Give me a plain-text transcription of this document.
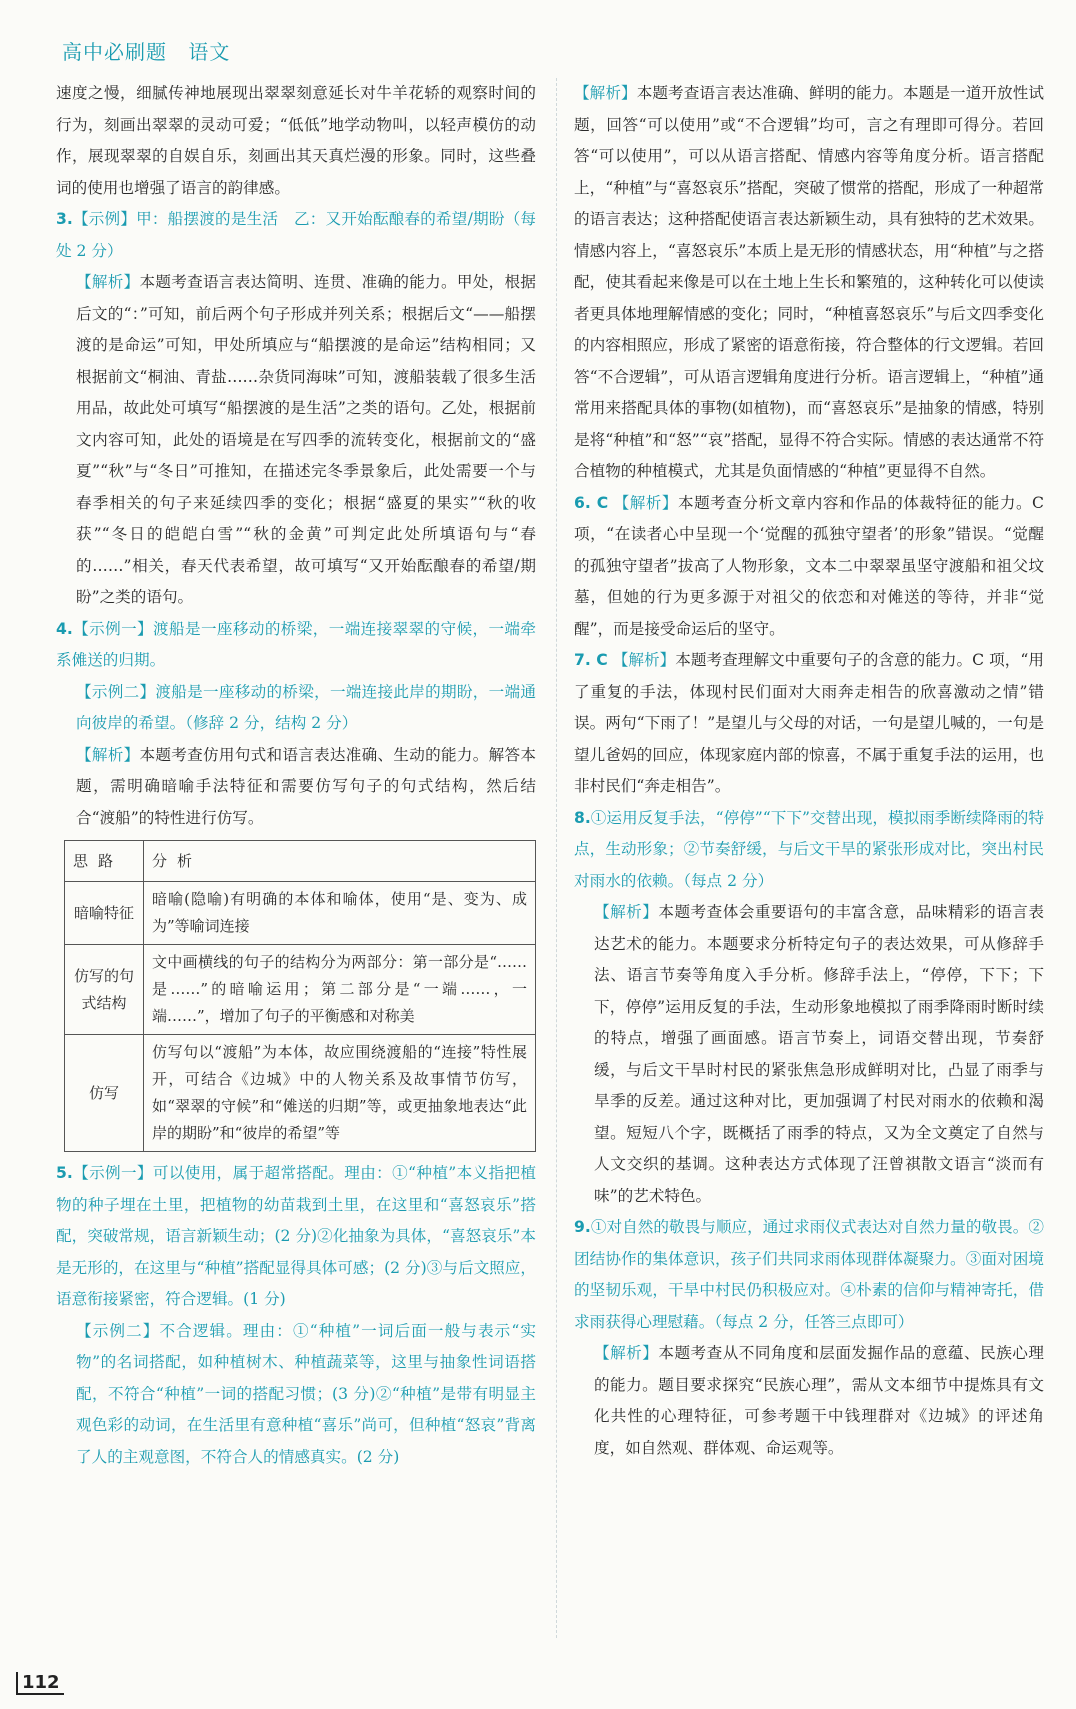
高中必刷题 语文

速度之慢，细腻传神地展现出翠翠刻意延长对牛羊花轿的观察时间的行为，刻画出翠翠的灵动可爱；“低低”地学动物叫，以轻声模仿的动作，展现翠翠的自娱自乐，刻画出其天真烂漫的形象。同时，这些叠词的使用也增强了语言的韵律感。

3.【示例】甲：船摆渡的是生活　乙：又开始酝酿春的希望/期盼（每处 2 分）

【解析】本题考查语言表达简明、连贯、准确的能力。甲处，根据后文的“：”可知，前后两个句子形成并列关系；根据后文“——船摆渡的是命运”可知，甲处所填应与“船摆渡的是命运”结构相同；又根据前文“桐油、青盐……杂货同海味”可知，渡船装载了很多生活用品，故此处可填写“船摆渡的是生活”之类的语句。乙处，根据前文内容可知，此处的语境是在写四季的流转变化，根据前文的“盛夏”“秋”与“冬日”可推知，在描述完冬季景象后，此处需要一个与春季相关的句子来延续四季的变化；根据“盛夏的果实”“秋的收获”“冬日的皑皑白雪”“秋的金黄”可判定此处所填语句与“春的……”相关，春天代表希望，故可填写“又开始酝酿春的希望/期盼”之类的语句。

4.【示例一】渡船是一座移动的桥梁，一端连接翠翠的守候，一端牵系傩送的归期。

【示例二】渡船是一座移动的桥梁，一端连接此岸的期盼，一端通向彼岸的希望。（修辞 2 分，结构 2 分）

【解析】本题考查仿用句式和语言表达准确、生动的能力。解答本题，需明确暗喻手法特征和需要仿写句子的句式结构，然后结合“渡船”的特性进行仿写。

思路	分析
暗喻特征	暗喻(隐喻)有明确的本体和喻体，使用“是、变为、成为”等喻词连接
仿写的句式结构	文中画横线的句子的结构分为两部分：第一部分是“……是……”的暗喻运用；第二部分是“一端……，一端……”，增加了句子的平衡感和对称美
仿写	仿写句以“渡船”为本体，故应围绕渡船的“连接”特性展开，可结合《边城》中的人物关系及故事情节仿写，如“翠翠的守候”和“傩送的归期”等，或更抽象地表达“此岸的期盼”和“彼岸的希望”等

5.【示例一】可以使用，属于超常搭配。理由：①“种植”本义指把植物的种子埋在土里，把植物的幼苗栽到土里，在这里和“喜怒哀乐”搭配，突破常规，语言新颖生动；(2 分)②化抽象为具体，“喜怒哀乐”本是无形的，在这里与“种植”搭配显得具体可感；(2 分)③与后文照应，语意衔接紧密，符合逻辑。(1 分)

【示例二】不合逻辑。理由：①“种植”一词后面一般与表示“实物”的名词搭配，如种植树木、种植蔬菜等，这里与抽象性词语搭配，不符合“种植”一词的搭配习惯；(3 分)②“种植”是带有明显主观色彩的动词，在生活里有意种植“喜乐”尚可，但种植“怒哀”背离了人的主观意图，不符合人的情感真实。(2 分)

【解析】本题考查语言表达准确、鲜明的能力。本题是一道开放性试题，回答“可以使用”或“不合逻辑”均可，言之有理即可得分。若回答“可以使用”，可以从语言搭配、情感内容等角度分析。语言搭配上，“种植”与“喜怒哀乐”搭配，突破了惯常的搭配，形成了一种超常的语言表达；这种搭配使语言表达新颖生动，具有独特的艺术效果。情感内容上，“喜怒哀乐”本质上是无形的情感状态，用“种植”与之搭配，使其看起来像是可以在土地上生长和繁殖的，这种转化可以使读者更具体地理解情感的变化；同时，“种植喜怒哀乐”与后文四季变化的内容相照应，形成了紧密的语意衔接，符合整体的行文逻辑。若回答“不合逻辑”，可从语言逻辑角度进行分析。语言逻辑上，“种植”通常用来搭配具体的事物(如植物)，而“喜怒哀乐”是抽象的情感，特别是将“种植”和“怒”“哀”搭配，显得不符合实际。情感的表达通常不符合植物的种植模式，尤其是负面情感的“种植”更显得不自然。

6. C 【解析】本题考查分析文章内容和作品的体裁特征的能力。C 项，“在读者心中呈现一个‘觉醒的孤独守望者’的形象”错误。“觉醒的孤独守望者”拔高了人物形象，文本二中翠翠虽坚守渡船和祖父坟墓，但她的行为更多源于对祖父的依恋和对傩送的等待，并非“觉醒”，而是接受命运后的坚守。

7. C 【解析】本题考查理解文中重要句子的含意的能力。C 项，“用了重复的手法，体现村民们面对大雨奔走相告的欣喜激动之情”错误。两句“下雨了！”是望儿与父母的对话，一句是望儿喊的，一句是望儿爸妈的回应，体现家庭内部的惊喜，不属于重复手法的运用，也非村民们“奔走相告”。

8.①运用反复手法，“停停”“下下”交替出现，模拟雨季断续降雨的特点，生动形象；②节奏舒缓，与后文干旱的紧张形成对比，突出村民对雨水的依赖。（每点 2 分）

【解析】本题考查体会重要语句的丰富含意，品味精彩的语言表达艺术的能力。本题要求分析特定句子的表达效果，可从修辞手法、语言节奏等角度入手分析。修辞手法上，“停停，下下；下下，停停”运用反复的手法，生动形象地模拟了雨季降雨时断时续的特点，增强了画面感。语言节奏上，词语交替出现，节奏舒缓，与后文干旱时村民的紧张焦急形成鲜明对比，凸显了雨季与旱季的反差。通过这种对比，更加强调了村民对雨水的依赖和渴望。短短八个字，既概括了雨季的特点，又为全文奠定了自然与人文交织的基调。这种表达方式体现了汪曾祺散文语言“淡而有味”的艺术特色。

9.①对自然的敬畏与顺应，通过求雨仪式表达对自然力量的敬畏。②团结协作的集体意识，孩子们共同求雨体现群体凝聚力。③面对困境的坚韧乐观，干旱中村民仍积极应对。④朴素的信仰与精神寄托，借求雨获得心理慰藉。（每点 2 分，任答三点即可）

【解析】本题考查从不同角度和层面发掘作品的意蕴、民族心理的能力。题目要求探究“民族心理”，需从文本细节中提炼具有文化共性的心理特征，可参考题干中钱理群对《边城》的评述角度，如自然观、群体观、命运观等。

112
